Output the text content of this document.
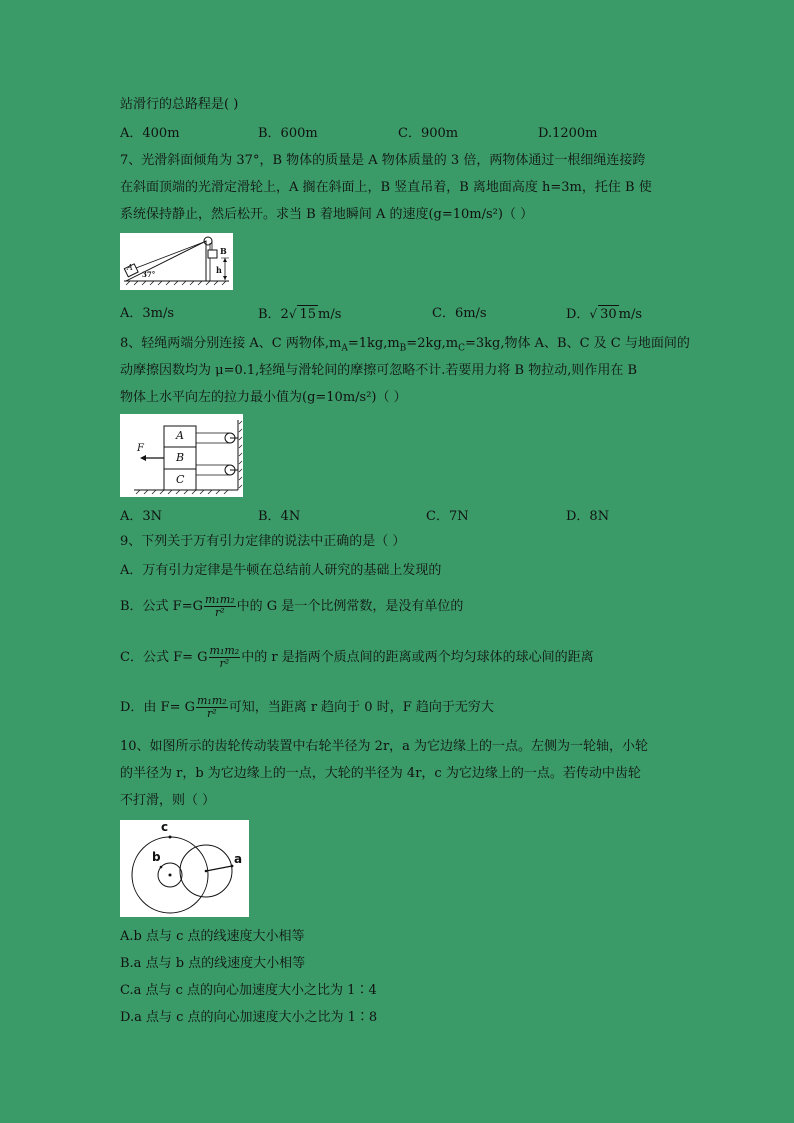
站滑行的总路程是( )
A．400m	B．600m	C．900m	D.1200m
7、光滑斜面倾角为 37°，B 物体的质量是 A 物体质量的 3 倍，两物体通过一根细绳连接跨
在斜面顶端的光滑定滑轮上，A 搁在斜面上，B 竖直吊着，B 离地面高度 h=3m，托住 B 使
系统保持静止，然后松开。求当 B 着地瞬间 A 的速度(g=10m/s²)（ ）
A
B
h
37°
A．3m/s	B．2√ 15 m/s	C．6m/s	D．√ 30 m/s
8、轻绳两端分别连接 A、C 两物体$,m_A=1kg,m_B=2kg,m_C=3kg$,物体 A、B、C 及 C 与地面间的
动摩擦因数均为 μ=0.1,轻绳与滑轮间的摩擦可忽略不计.若要用力将 B 物拉动,则作用在 B
物体上水平向左的拉力最小值为(g=10m/s²)（ ）
A
B
C
F
A．3N	B．4N	C．7N	D．8N
9、下列关于万有引力定律的说法中正确的是（ ）
A．万有引力定律是牛顿在总结前人研究的基础上发现的
B．公式 $F=G \frac{\text{m₁m₂}}{\text{r²}}$ 中的 G 是一个比例常数，是没有单位的
C．公式 F= G $\frac{\text{m₁m₂}}{\text{r²}}$ 中的 r 是指两个质点间的距离或两个均匀球体的球心间的距离
D．由 F= G $\frac{\text{m₁m₂}}{\text{r²}}$ 可知，当距离 r 趋向于 0 时，F 趋向于无穷大
10、如图所示的齿轮传动装置中右轮半径为 2r，a 为它边缘上的一点。左侧为一轮轴，小轮
的半径为 r，b 为它边缘上的一点，大轮的半径为 4r，c 为它边缘上的一点。若传动中齿轮
不打滑，则（ ）
c
b	a
A.b 点与 c 点的线速度大小相等
B.a 点与 b 点的线速度大小相等
C.a 点与 c 点的向心加速度大小之比为 1∶4
D.a 点与 c 点的向心加速度大小之比为 1∶8
